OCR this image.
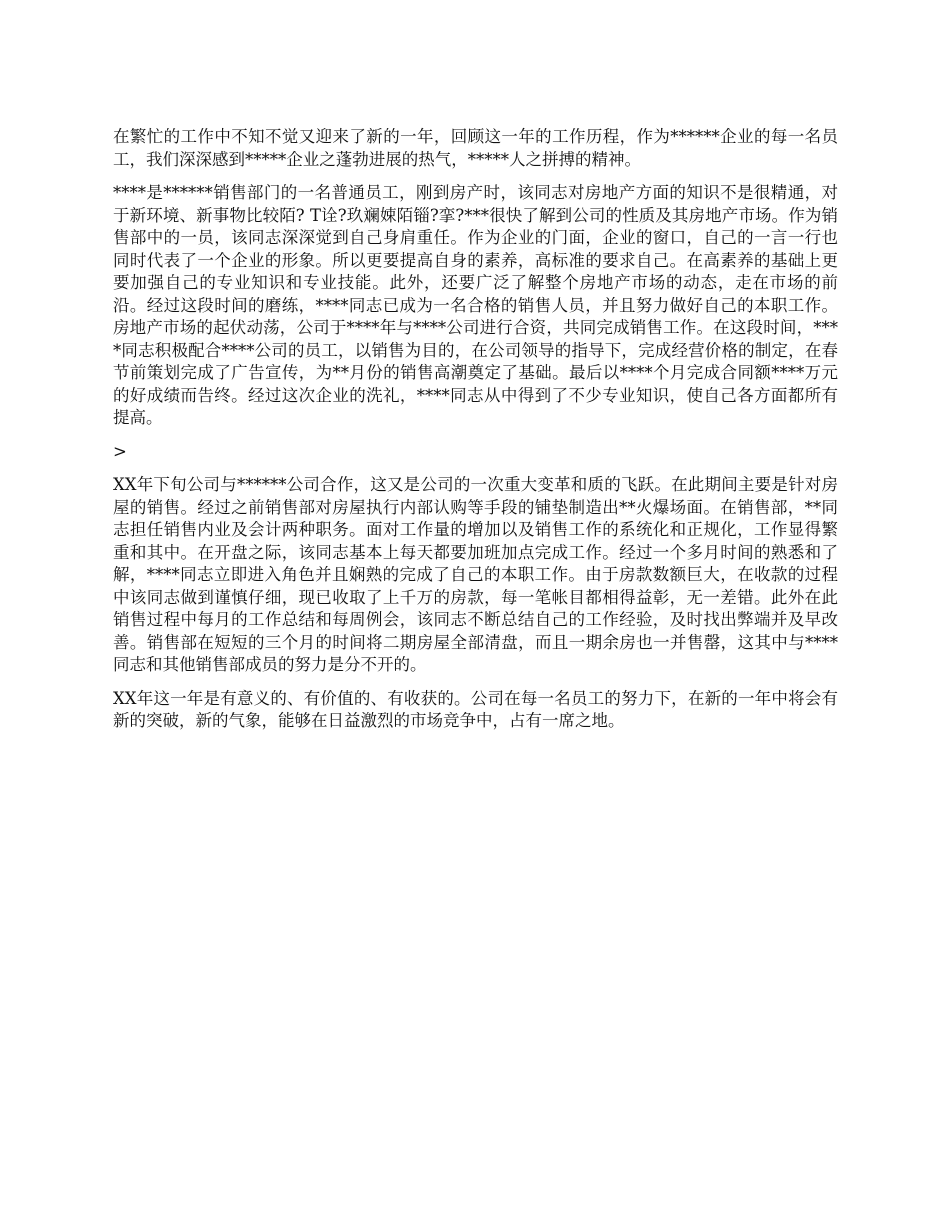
在繁忙的工作中不知不觉又迎来了新的一年，回顾这一年的工作历程，作为******企业的每一名员工，我们深深感到*****企业之蓬勃进展的热气，*****人之拼搏的精神。

****是******销售部门的一名普通员工，刚到房产时，该同志对房地产方面的知识不是很精通，对于新环境、新事物比较陌? T诠?玖斓娕陌锱?挛?***很快了解到公司的性质及其房地产市场。作为销售部中的一员，该同志深深觉到自己身肩重任。作为企业的门面，企业的窗口，自己的一言一行也同时代表了一个企业的形象。所以更要提高自身的素养，高标准的要求自己。在高素养的基础上更要加强自己的专业知识和专业技能。此外，还要广泛了解整个房地产市场的动态，走在市场的前沿。经过这段时间的磨练，****同志已成为一名合格的销售人员，并且努力做好自己的本职工作。房地产市场的起伏动荡，公司于****年与****公司进行合资，共同完成销售工作。在这段时间，****同志积极配合****公司的员工，以销售为目的，在公司领导的指导下，完成经营价格的制定，在春节前策划完成了广告宣传，为**月份的销售高潮奠定了基础。最后以****个月完成合同额****万元的好成绩而告终。经过这次企业的洗礼，****同志从中得到了不少专业知识，使自己各方面都所有提高。

>

XX年下旬公司与******公司合作，这又是公司的一次重大变革和质的飞跃。在此期间主要是针对房屋的销售。经过之前销售部对房屋执行内部认购等手段的铺垫制造出**火爆场面。在销售部，**同志担任销售内业及会计两种职务。面对工作量的增加以及销售工作的系统化和正规化，工作显得繁重和其中。在开盘之际，该同志基本上每天都要加班加点完成工作。经过一个多月时间的熟悉和了解，****同志立即进入角色并且娴熟的完成了自己的本职工作。由于房款数额巨大，在收款的过程中该同志做到谨慎仔细，现已收取了上千万的房款，每一笔帐目都相得益彰，无一差错。此外在此销售过程中每月的工作总结和每周例会，该同志不断总结自己的工作经验，及时找出弊端并及早改善。销售部在短短的三个月的时间将二期房屋全部清盘，而且一期余房也一并售罄，这其中与****同志和其他销售部成员的努力是分不开的。

XX年这一年是有意义的、有价值的、有收获的。公司在每一名员工的努力下，在新的一年中将会有新的突破，新的气象，能够在日益激烈的市场竞争中，占有一席之地。
